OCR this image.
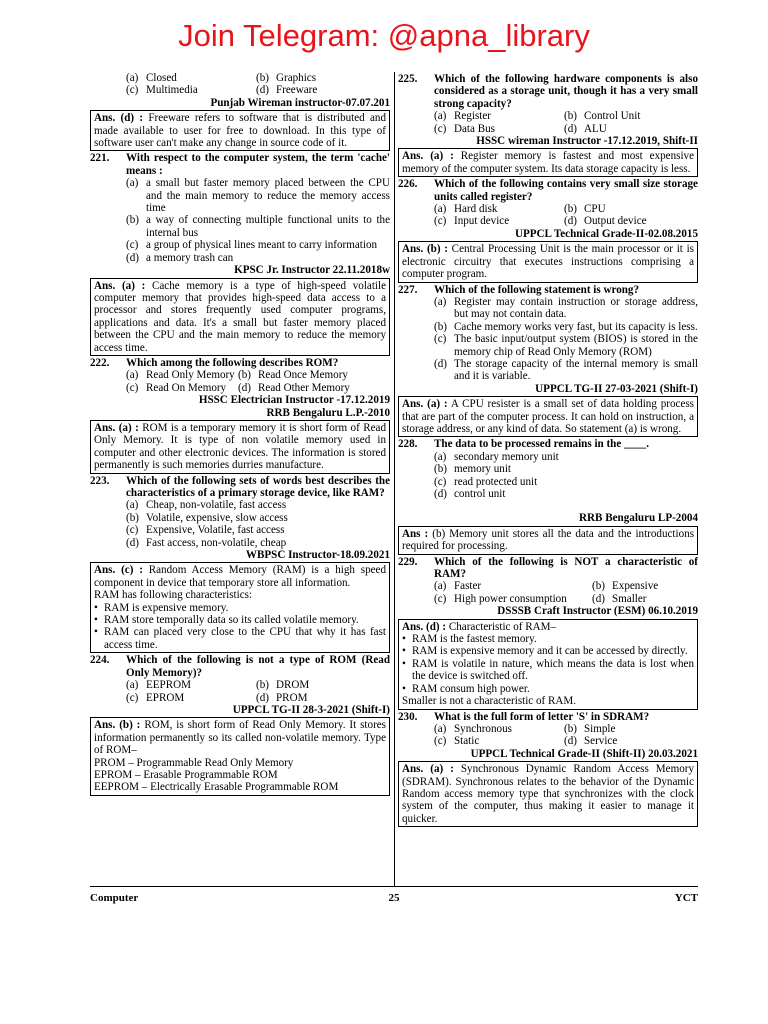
Join Telegram: @apna_library
(a) Closed	(b) Graphics
(c) Multimedia	(d) Freeware
Punjab Wireman instructor-07.07.201
Ans. (d) : Freeware refers to software that is distributed and made available to user for free to download. In this type of software user can't make any change in source code of it.
221.	With respect to the computer system, the term 'cache' means :
(a) a small but faster memory placed between the CPU and the main memory to reduce the memory access time
(b) a way of connecting multiple functional units to the internal bus
(c) a group of physical lines meant to carry information
(d) a memory trash can
KPSC Jr. Instructor 22.11.2018w
Ans. (a) : Cache memory is a type of high-speed volatile computer memory that provides high-speed data access to a processor and stores frequently used computer programs, applications and data. It's a small but faster memory placed between the CPU and the main memory to reduce the memory access time.
222.	Which among the following describes ROM?
(a) Read Only Memory (b) Read Once Memory
(c) Read On Memory	(d) Read Other Memory
HSSC Electrician Instructor -17.12.2019
RRB Bengaluru L.P.-2010
Ans. (a) : ROM is a temporary memory it is short form of Read Only Memory. It is type of non volatile memory used in computer and other electronic devices. The information is stored permanently is such memories durries manufacture.
223.	Which of the following sets of words best describes the characteristics of a primary storage device, like RAM?
(a) Cheap, non-volatile, fast access
(b) Volatile, expensive, slow access
(c) Expensive, Volatile, fast access
(d) Fast access, non-volatile, cheap
WBPSC Instructor-18.09.2021
Ans. (c) : Random Access Memory (RAM) is a high speed component in device that temporary store all information.
RAM has following characteristics:
• RAM is expensive memory.
• RAM store temporally data so its called volatile memory.
• RAM can placed very close to the CPU that why it has fast access time.
224.	Which of the following is not a type of ROM (Read Only Memory)?
(a) EEPROM	(b) DROM
(c) EPROM	(d) PROM
UPPCL TG-II 28-3-2021 (Shift-I)
Ans. (b) : ROM, is short form of Read Only Memory. It stores information permanently so its called non-volatile memory. Type of ROM–
PROM – Programmable Read Only Memory
EPROM – Erasable Programmable ROM
EEPROM – Electrically Erasable Programmable ROM
225.	Which of the following hardware components is also considered as a storage unit, though it has a very small strong capacity?
(a) Register	(b) Control Unit
(c) Data Bus	(d) ALU
HSSC wireman Instructor -17.12.2019, Shift-II
Ans. (a) : Register memory is fastest and most expensive memory of the computer system. Its data storage capacity is less.
226.	Which of the following contains very small size storage units called register?
(a) Hard disk	(b) CPU
(c) Input device	(d) Output device
UPPCL Technical Grade-II-02.08.2015
Ans. (b) : Central Processing Unit is the main processor or it is electronic circuitry that executes instructions comprising a computer program.
227.	Which of the following statement is wrong?
(a) Register may contain instruction or storage address, but may not contain data.
(b) Cache memory works very fast, but its capacity is less.
(c) The basic input/output system (BIOS) is stored in the memory chip of Read Only Memory (ROM)
(d) The storage capacity of the internal memory is small and it is variable.
UPPCL TG-II 27-03-2021 (Shift-I)
Ans. (a) : A CPU resister is a small set of data holding process that are part of the computer process. It can hold on instruction, a storage address, or any kind of data. So statement (a) is wrong.
228.	The data to be processed remains in the ____.
(a) secondary memory unit
(b) memory unit
(c) read protected unit
(d) control unit
RRB Bengaluru LP-2004
Ans : (b) Memory unit stores all the data and the introductions required for processing.
229.	Which of the following is NOT a characteristic of RAM?
(a) Faster	(b) Expensive
(c) High power consumption	(d) Smaller
DSSSB Craft Instructor (ESM) 06.10.2019
Ans. (d) : Characteristic of RAM–
• RAM is the fastest memory.
• RAM is expensive memory and it can be accessed by directly.
• RAM is volatile in nature, which means the data is lost when the device is switched off.
• RAM consum high power.
Smaller is not a characteristic of RAM.
230.	What is the full form of letter 'S' in SDRAM?
(a) Synchronous	(b) Simple
(c) Static	(d) Service
UPPCL Technical Grade-II (Shift-II) 20.03.2021
Ans. (a) : Synchronous Dynamic Random Access Memory (SDRAM). Synchronous relates to the behavior of the Dynamic Random access memory type that synchronizes with the clock system of the computer, thus making it easier to manage it quicker.
Computer	25	YCT
